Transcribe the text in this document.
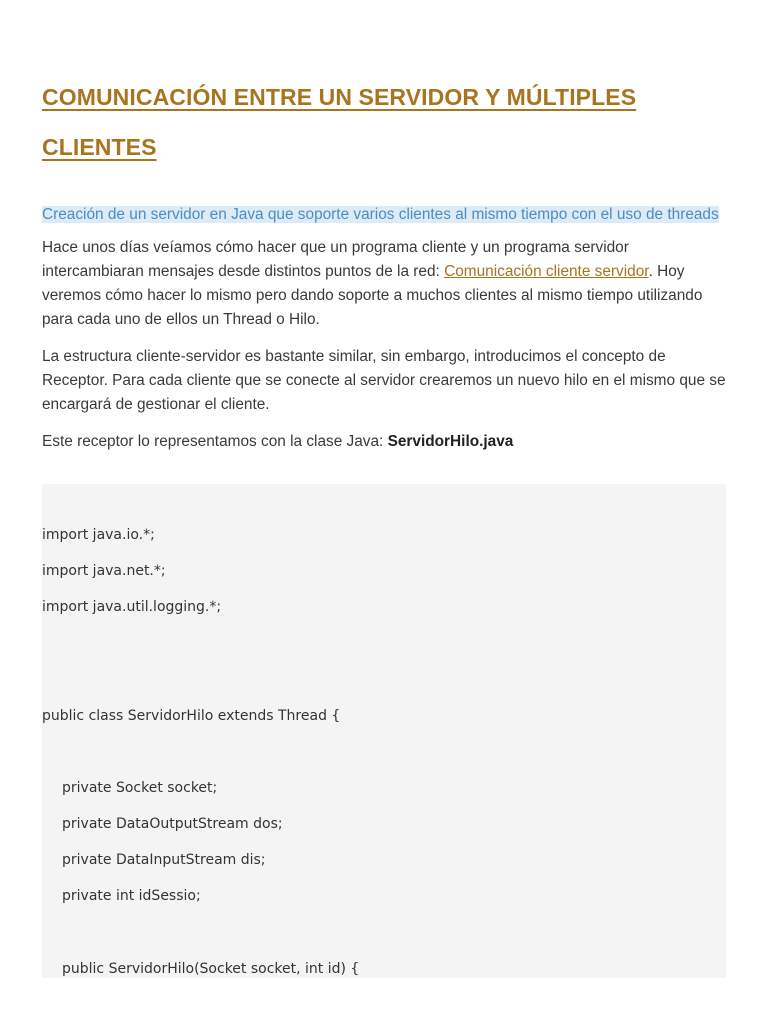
COMUNICACIÓN ENTRE UN SERVIDOR Y MÚLTIPLES CLIENTES

Creación de un servidor en Java que soporte varios clientes al mismo tiempo con el uso de threads

Hace unos días veíamos cómo hacer que un programa cliente y un programa servidor intercambiaran mensajes desde distintos puntos de la red: Comunicación cliente servidor. Hoy veremos cómo hacer lo mismo pero dando soporte a muchos clientes al mismo tiempo utilizando para cada uno de ellos un Thread o Hilo.

La estructura cliente-servidor es bastante similar, sin embargo, introducimos el concepto de Receptor. Para cada cliente que se conecte al servidor crearemos un nuevo hilo en el mismo que se encargará de gestionar el cliente.

Este receptor lo representamos con la clase Java: ServidorHilo.java

import java.io.*;
import java.net.*;
import java.util.logging.*;
public class ServidorHilo extends Thread {
private Socket socket;
private DataOutputStream dos;
private DataInputStream dis;
private int idSessio;
public ServidorHilo(Socket socket, int id) {
